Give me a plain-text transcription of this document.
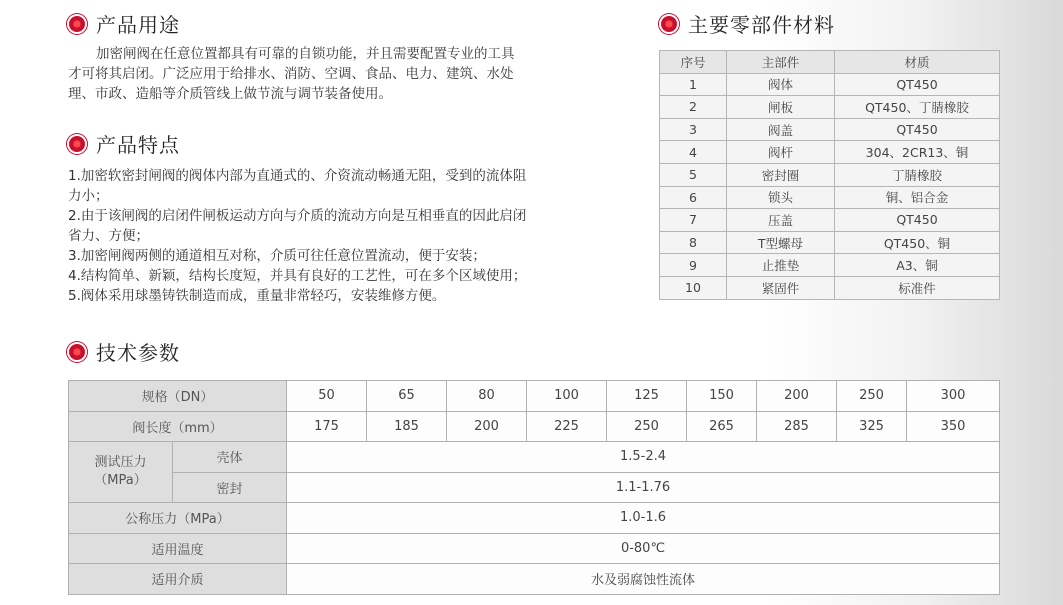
产品用途

加密闸阀在任意位置都具有可靠的自锁功能，并且需要配置专业的工具

才可将其启闭。广泛应用于给排水、消防、空调、食品、电力、建筑、水处

理、市政、造船等介质管线上做节流与调节装备使用。

产品特点

1.加密软密封闸阀的阀体内部为直通式的、介资流动畅通无阻，受到的流体阻

力小；

2.由于该闸阀的启闭件闸板运动方向与介质的流动方向是互相垂直的因此启闭

省力、方便；

3.加密闸阀两侧的通道相互对称，介质可往任意位置流动，便于安装；

4.结构简单、新颖，结构长度短，并具有良好的工艺性，可在多个区域使用；

5.阀体采用球墨铸铁制造而成，重量非常轻巧，安装维修方便。

主要零部件材料
序号	主部件	材质
1	阀体	QT450
2	闸板	QT450、丁腈橡胶
3	阀盖	QT450
4	阀杆	304、2CR13、铜
5	密封圈	丁腈橡胶
6	锁头	铜、铝合金
7	压盖	QT450
8	T型螺母	QT450、铜
9	止推垫	A3、铜
10	紧固件	标准件
技术参数
规格（DN）		50	65	80	100	125	150	200	250	300
阀长度（mm）		175	185	200	225	250	265	285	325	350

测试压力
（MPa）	壳体	1.5-2.4								
	密封	1.1-1.76								
公称压力（MPa）		1.0-1.6								
适用温度		0-80℃								
适用介质		水及弱腐蚀性流体								
